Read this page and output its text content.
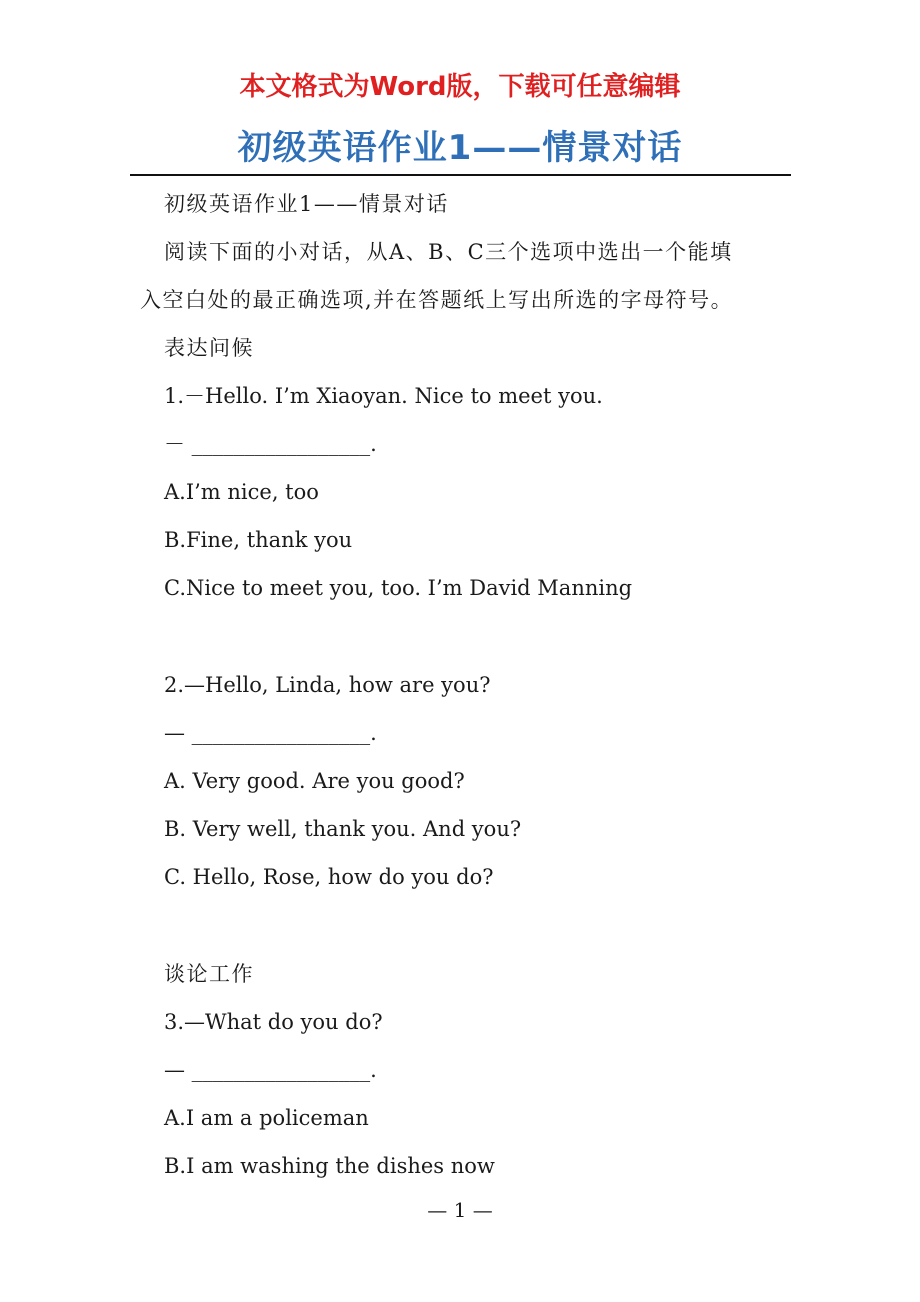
本文格式为Word版，下载可任意编辑
初级英语作业1——情景对话
初级英语作业1——情景对话
阅读下面的小对话，从A、B、C三个选项中选出一个能填
入空白处的最正确选项,并在答题纸上写出所选的字母符号。
表达问候
1.－Hello. I’m Xiaoyan. Nice to meet you.
－ _________________.
A.I’m nice, too
B.Fine, thank you
C.Nice to meet you, too. I’m David Manning
2.—Hello, Linda, how are you?
— _________________.
A. Very good. Are you good?
B. Very well, thank you. And you?
C. Hello, Rose, how do you do?
谈论工作
3.—What do you do?
— _________________.
A.I am a policeman
B.I am washing the dishes now
— 1 —
